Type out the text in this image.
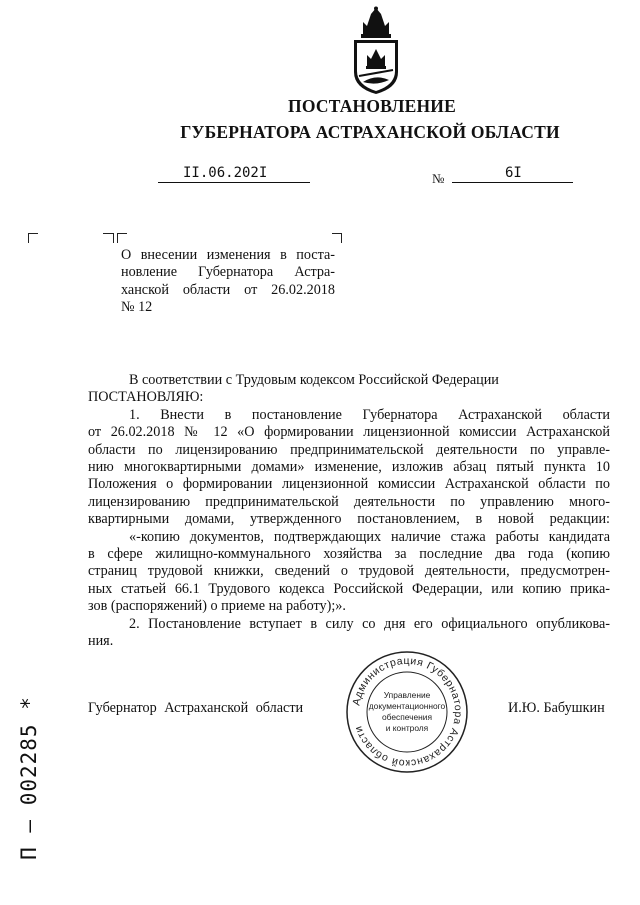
ПОСТАНОВЛЕНИЕ
ГУБЕРНАТОРА АСТРАХАНСКОЙ ОБЛАСТИ
II.06.202I	№	6I
О внесении изменения в поста-
новление Губернатора Астра-
ханской области от 26.02.2018
№ 12
В соответствии с Трудовым кодексом Российской Федерации
ПОСТАНОВЛЯЮ:
1. Внести в постановление Губернатора Астраханской области
от 26.02.2018 № 12 «О формировании лицензионной комиссии Астраханской
области по лицензированию предпринимательской деятельности по управле-
нию многоквартирными домами» изменение, изложив абзац пятый пункта 10
Положения о формировании лицензионной комиссии Астраханской области по
лицензированию предпринимательской деятельности по управлению много-
квартирными домами, утвержденного постановлением, в новой редакции:
«-копию документов, подтверждающих наличие стажа работы кандидата
в сфере жилищно-коммунального хозяйства за последние два года (копию
страниц трудовой книжки, сведений о трудовой деятельности, предусмотрен-
ных статьей 66.1 Трудового кодекса Российской Федерации, или копию прика-
зов (распоряжений) о приеме на работу);».
2. Постановление вступает в силу со дня его официального опубликова-
ния.
Губернатор Астраханской области	И.Ю. Бабушкин
Администрация Губернатора Астраханской области
Управление
документационного
обеспечения
и контроля
П – 002285 *
